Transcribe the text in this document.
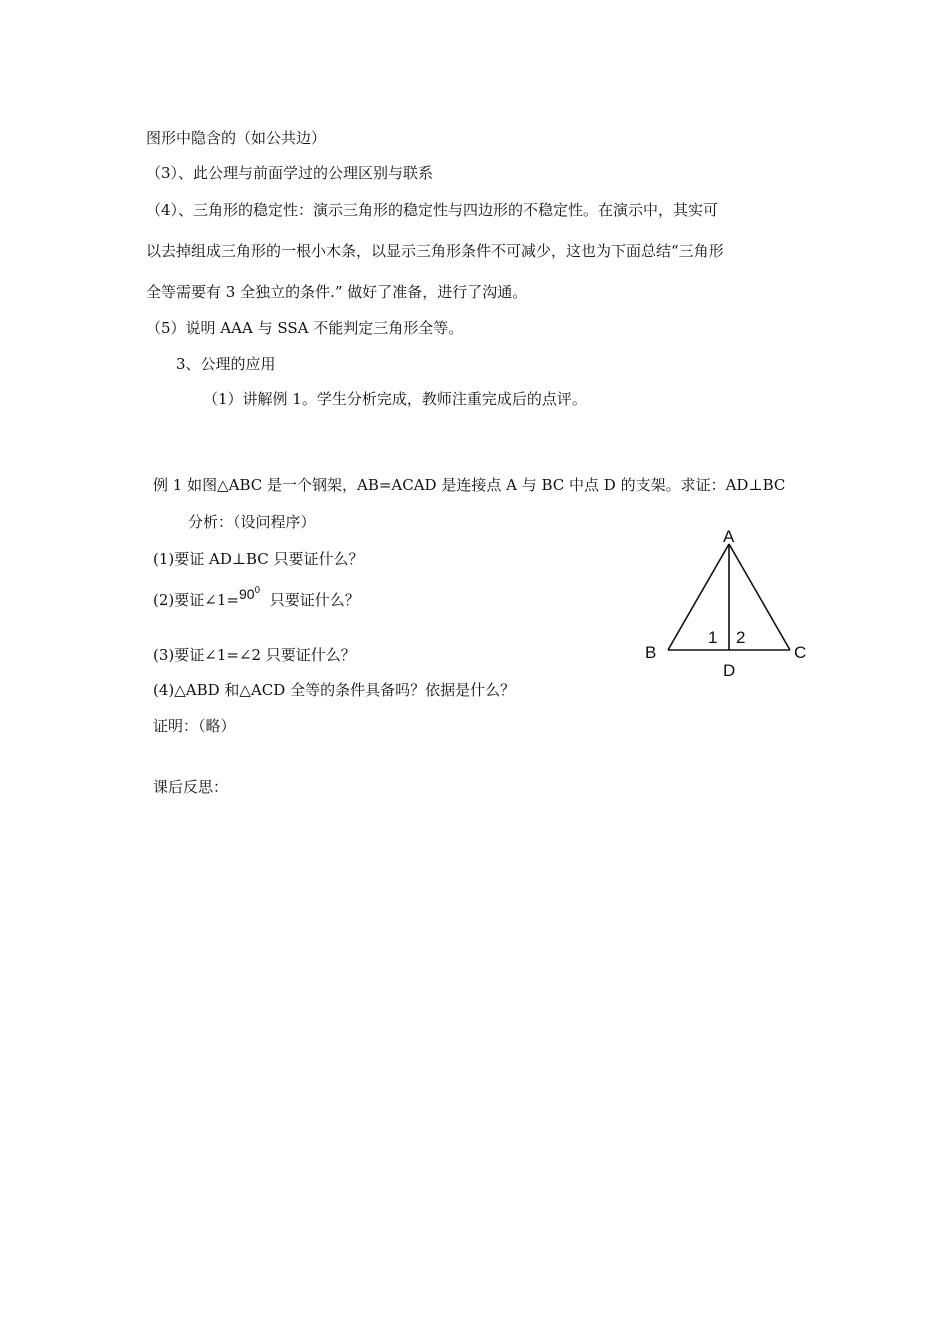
图形中隐含的（如公共边）
（3）、此公理与前面学过的公理区别与联系
（4）、三角形的稳定性：演示三角形的稳定性与四边形的不稳定性。在演示中，其实可
以去掉组成三角形的一根小木条，以显示三角形条件不可减少，这也为下面总结“三角形
全等需要有 3 全独立的条件.” 做好了准备，进行了沟通。
（5）说明 AAA 与 SSA 不能判定三角形全等。
3、公理的应用
（1）讲解例 1。学生分析完成，教师注重完成后的点评。
例 1 如图△ABC 是一个钢架，AB=ACAD 是连接点 A 与 BC 中点 D 的支架。求证：AD⊥BC
分析：（设问程序）
(1)要证 AD⊥BC 只要证什么？
(2)要证$\angle 1=90^0$ 只要证什么？
(3)要证∠1=∠2 只要证什么？
(4)△ABD 和△ACD 全等的条件具备吗？依据是什么？
证明：（略）
课后反思：
A
B	C
D
1 2
